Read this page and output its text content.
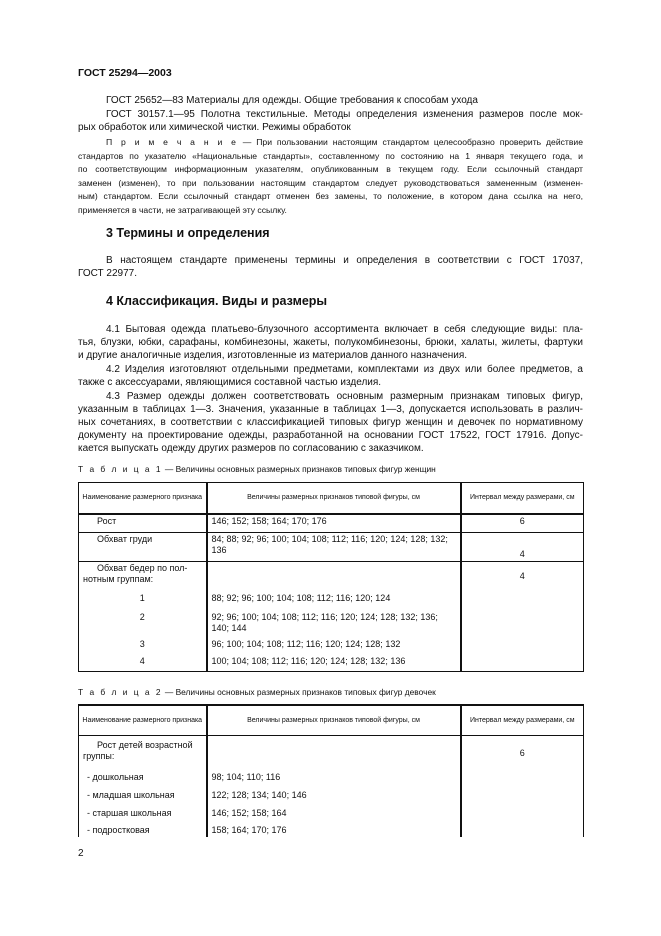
ГОСТ 25294—2003
ГОСТ 25652—83 Материалы для одежды. Общие требования к способам ухода
ГОСТ 30157.1—95 Полотна текстильные. Методы определения изменения размеров после мок-
рых обработок или химической чистки. Режимы обработок
П р и м е ч а н и е — При пользовании настоящим стандартом целесообразно проверить действие
стандартов по указателю «Национальные стандарты», составленному по состоянию на 1 января текущего года, и
по соответствующим информационным указателям, опубликованным в текущем году. Если ссылочный стандарт
заменен (изменен), то при пользовании настоящим стандартом следует руководствоваться замененным (изменен-
ным) стандартом. Если ссылочный стандарт отменен без замены, то положение, в котором дана ссылка на него,
применяется в части, не затрагивающей эту ссылку.
3 Термины и определения
В настоящем стандарте применены термины и определения в соответствии с ГОСТ 17037,
ГОСТ 22977.
4 Классификация. Виды и размеры
4.1 Бытовая одежда платьево-блузочного ассортимента включает в себя следующие виды: пла-
тья, блузки, юбки, сарафаны, комбинезоны, жакеты, полукомбинезоны, брюки, халаты, жилеты, фартуки
и другие аналогичные изделия, изготовленные из материалов данного назначения.
4.2 Изделия изготовляют отдельными предметами, комплектами из двух или более предметов, а
также с аксессуарами, являющимися составной частью изделия.
4.3 Размер одежды должен соответствовать основным размерным признакам типовых фигур,
указанным в таблицах 1—3. Значения, указанные в таблицах 1—3, допускается использовать в различ-
ных сочетаниях, в соответствии с классификацией типовых фигур женщин и девочек по нормативному
документу на проектирование одежды, разработанной на основании ГОСТ 17522, ГОСТ 17916. Допус-
кается выпускать одежду других размеров по согласованию с заказчиком.
Т а б л и ц а 1 — Величины основных размерных признаков типовых фигур женщин
Наименование размерного признака	Величины размерных признаков типовой фигуры, см	Интервал между размерами, см
Рост	146; 152; 158; 164; 170; 176	6
Обхват груди	84; 88; 92; 96; 100; 104; 108; 112; 116; 120; 124; 128; 132; 136	4
Обхват бедер по пол-нотным группам:		4
1	88; 92; 96; 100; 104; 108; 112; 116; 120; 124	
2	92; 96; 100; 104; 108; 112; 116; 120; 124; 128; 132; 136; 140; 144	
3	96; 100; 104; 108; 112; 116; 120; 124; 128; 132	
4	100; 104; 108; 112; 116; 120; 124; 128; 132; 136	
Т а б л и ц а 2 — Величины основных размерных признаков типовых фигур девочек
Наименование размерного признака	Величины размерных признаков типовой фигуры, см	Интервал между размерами, см
Рост детей возрастной группы:		6
- дошкольная	98; 104; 110; 116	
- младшая школьная	122; 128; 134; 140; 146	
- старшая школьная	146; 152; 158; 164	
- подростковая	158; 164; 170; 176	
2
